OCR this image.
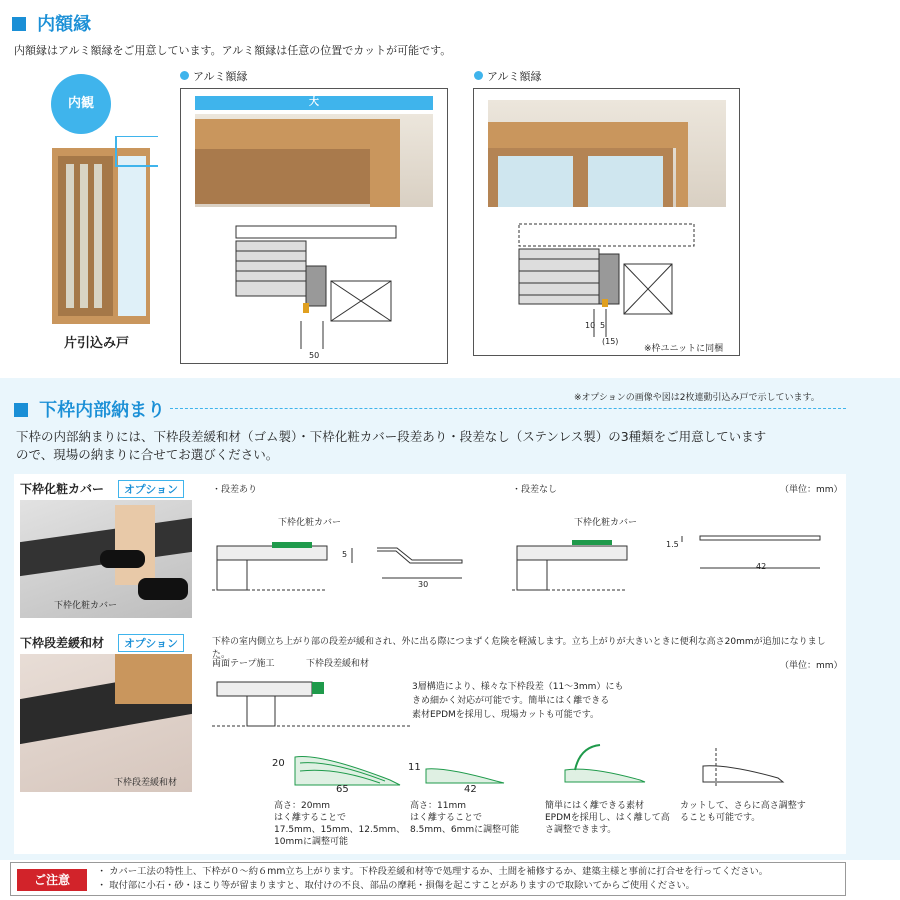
内額縁
内額縁はアルミ額縁をご用意しています。アルミ額縁は任意の位置でカットが可能です。
内観
片引込み戸
アルミ額縁
大
50
アルミ額縁
10 5
(15)
※枠ユニットに同梱
下枠内部納まり
※オプションの画像や図は2枚連動引込み戸で示しています。
下枠の内部納まりには、下枠段差緩和材（ゴム製）・下枠化粧カバー段差あり・段差なし（ステンレス製）の3種類をご用意しています
ので、現場の納まりに合せてお選びください。
下枠化粧カバー	オプション
下枠化粧カバー
・段差あり	・段差なし	（単位：mm）
下枠化粧カバー	下枠化粧カバー
5
30
1.5
42
下枠段差緩和材	オプション
下枠段差緩和材
下枠の室内側立ち上がり部の段差が緩和され、外に出る際につまずく危険を軽減します。立ち上がりが大きいときに便利な高さ20mmが追加になりました。
両面テープ施工	下枠段差緩和材	（単位：mm）
3層構造により、様々な下枠段差（11〜3mm）にも
きめ細かく対応が可能です。簡単にはく離できる
素材EPDMを採用し、現場カットも可能です。
20
65
11
42
高さ：20mm
はく離することで
17.5mm、15mm、12.5mm、
10mmに調整可能
高さ：11mm
はく離することで
8.5mm、6mmに調整可能
簡単にはく離できる素材
EPDMを採用し、はく離して高
さ調整できます。
カットして、さらに高さ調整す
ることも可能です。
ご注意
・ カバー工法の特性上、下枠が０〜約６mm立ち上がります。下枠段差緩和材等で処理するか、土間を補修するか、建築主様と事前に打合せを行ってください。
・ 取付部に小石・砂・ほこり等が留まりますと、取付けの不良、部品の摩耗・損傷を起こすことがありますので取除いてからご使用ください。
